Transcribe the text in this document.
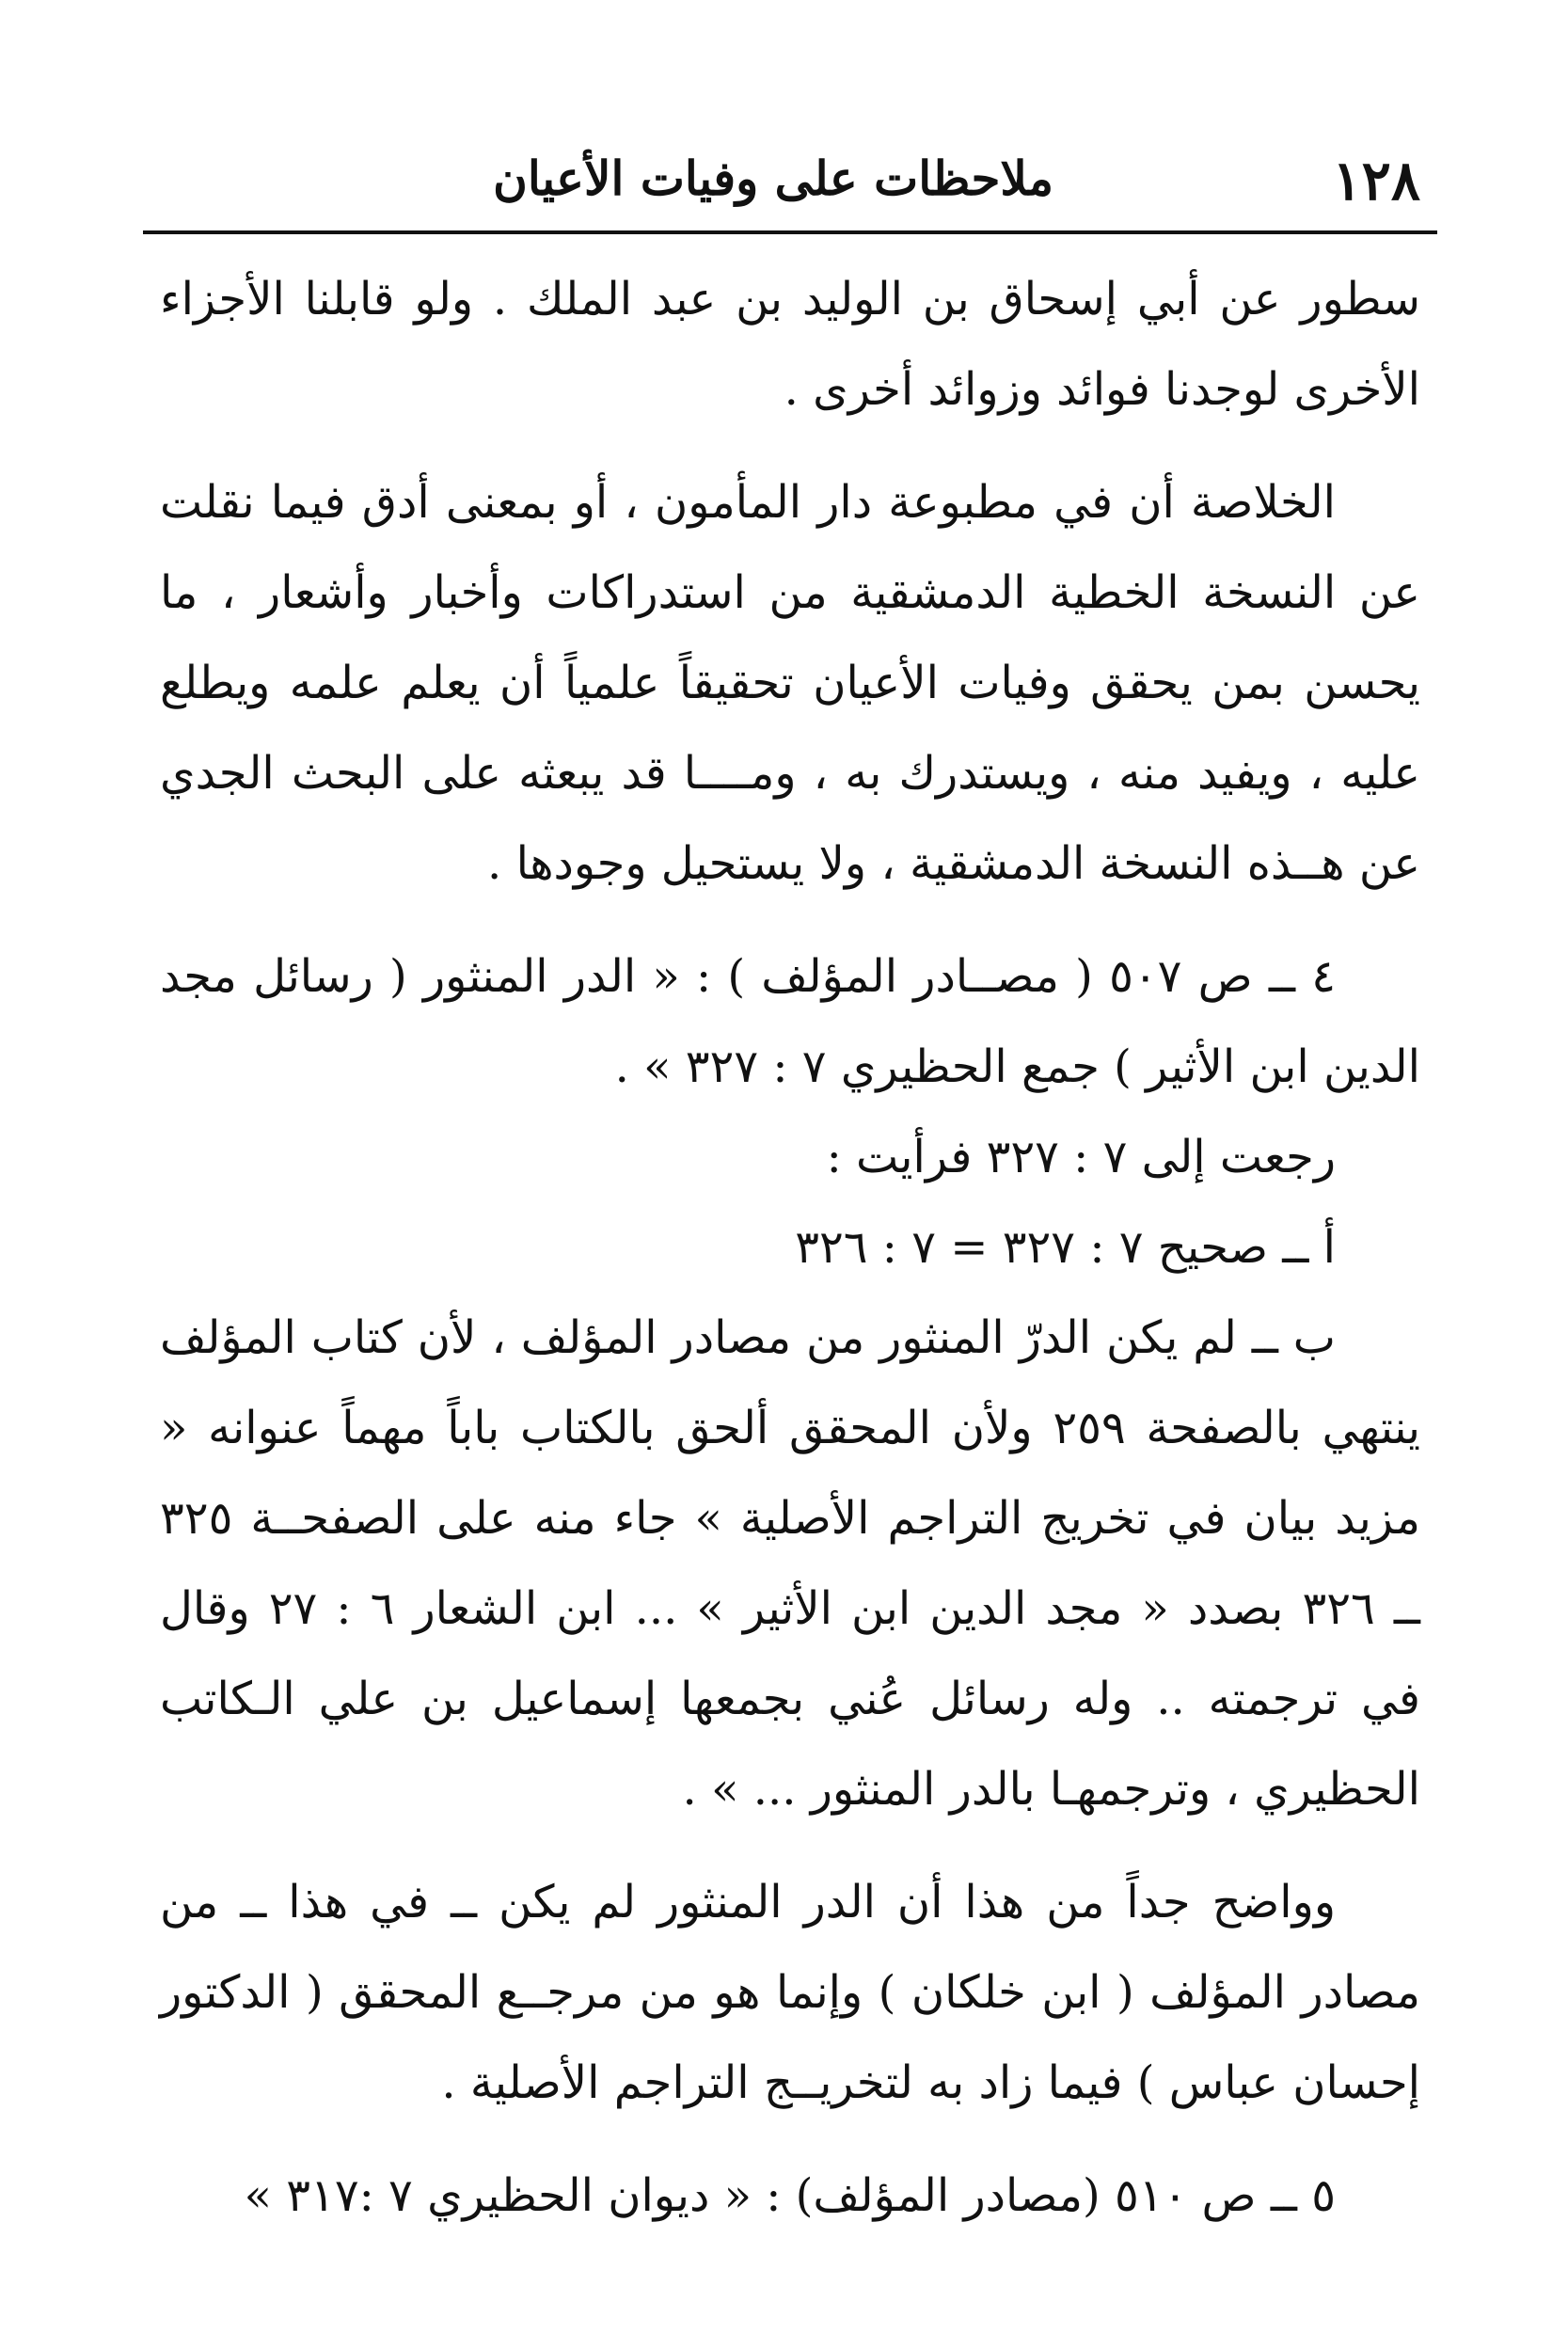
١٢٨
ملاحظات على وفيات الأعيان

سطور عن أبي إسحاق بن الوليد بن عبد الملك . ولو قابلنا الأجزاء الأخرى لوجدنا فوائد وزوائد أخرى .

الخلاصة أن في مطبوعة دار المأمون ، أو بمعنى أدق فيما نقلت عن النسخة الخطية الدمشقية من استدراكات وأخبار وأشعار ، ما يحسن بمن يحقق وفيات الأعيان تحقيقاً علمياً أن يعلم علمه ويطلع عليه ، ويفيد منه ، ويستدرك به ، ومــــا قد يبعثه على البحث الجدي عن هــذه النسخة الدمشقية ، ولا يستحيل وجودها .

٤ ــ ص ٥٠٧ ( مصــادر المؤلف ) : « الدر المنثور ( رسائل مجد الدين ابن الأثير ) جمع الحظيري ٧ : ٣٢٧ » .

رجعت إلى ٧ : ٣٢٧ فرأيت :

أ ــ صحيح ٧ : ٣٢٧ = ٧ : ٣٢٦

ب ــ لم يكن الدرّ المنثور من مصادر المؤلف ، لأن كتاب المؤلف ينتهي بالصفحة ٢٥٩ ولأن المحقق ألحق بالكتاب باباً مهماً عنوانه « مزيد بيان في تخريج التراجم الأصلية » جاء منه على الصفحــة ٣٢٥ ــ ٣٢٦ بصدد « مجد الدين ابن الأثير » ... ابن الشعار ٦ : ٢٧ وقال في ترجمته .. وله رسائل عُني بجمعها إسماعيل بن علي الـكاتب الحظيري ، وترجمهـا بالدر المنثور ... » .

وواضح جداً من هذا أن الدر المنثور لم يكن ــ في هذا ــ من مصادر المؤلف ( ابن خلكان ) وإنما هو من مرجــع المحقق ( الدكتور إحسان عباس ) فيما زاد به لتخريــج التراجم الأصلية .

٥ ــ ص ٥١٠ (مصادر المؤلف) : « ديوان الحظيري ٧ :٣١٧ »
